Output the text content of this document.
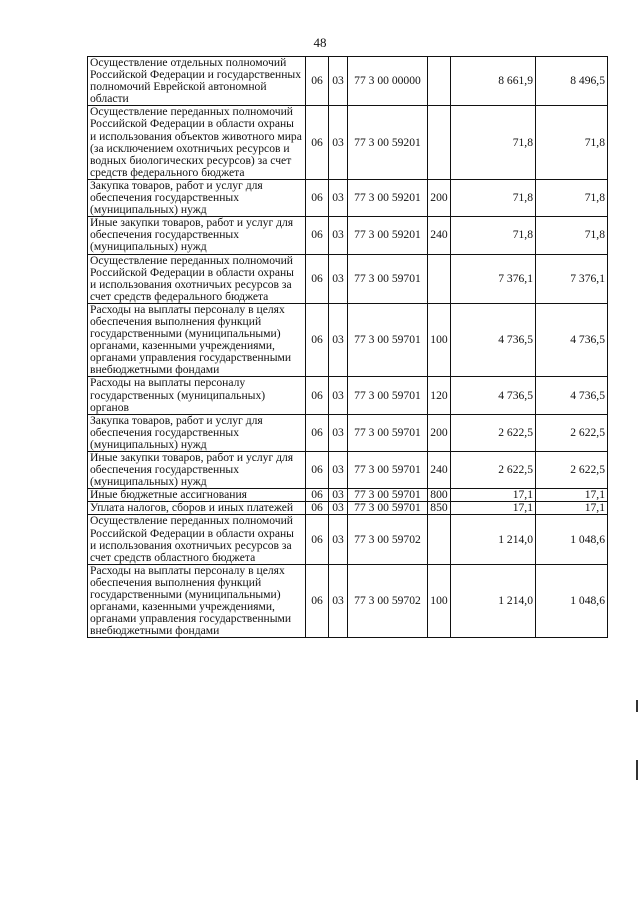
48
Осуществление отдельных полномочий Российской Федерации и государственных полномочий Еврейской автономной области	06	03	77 3 00 00000		8 661,9	8 496,5
Осуществление переданных полномочий Российской Федерации в области охраны и использования объектов животного мира (за исключением охотничьих ресурсов и водных биологических ресурсов) за счет средств федерального бюджета	06	03	77 3 00 59201		71,8	71,8
Закупка товаров, работ и услуг для обеспечения государственных (муниципальных) нужд	06	03	77 3 00 59201	200	71,8	71,8
Иные закупки товаров, работ и услуг для обеспечения государственных (муниципальных) нужд	06	03	77 3 00 59201	240	71,8	71,8
Осуществление переданных полномочий Российской Федерации в области охраны и использования охотничьих ресурсов за счет средств федерального бюджета	06	03	77 3 00 59701		7 376,1	7 376,1
Расходы на выплаты персоналу в целях обеспечения выполнения функций государственными (муниципальными) органами, казенными учреждениями, органами управления государственными внебюджетными фондами	06	03	77 3 00 59701	100	4 736,5	4 736,5
Расходы на выплаты персоналу государственных (муниципальных) органов	06	03	77 3 00 59701	120	4 736,5	4 736,5
Закупка товаров, работ и услуг для обеспечения государственных (муниципальных) нужд	06	03	77 3 00 59701	200	2 622,5	2 622,5
Иные закупки товаров, работ и услуг для обеспечения государственных (муниципальных) нужд	06	03	77 3 00 59701	240	2 622,5	2 622,5
Иные бюджетные ассигнования	06	03	77 3 00 59701	800	17,1	17,1
Уплата налогов, сборов и иных платежей	06	03	77 3 00 59701	850	17,1	17,1
Осуществление переданных полномочий Российской Федерации в области охраны и использования охотничьих ресурсов за счет средств областного бюджета	06	03	77 3 00 59702		1 214,0	1 048,6
Расходы на выплаты персоналу в целях обеспечения выполнения функций государственными (муниципальными) органами, казенными учреждениями, органами управления государственными внебюджетными фондами	06	03	77 3 00 59702	100	1 214,0	1 048,6
